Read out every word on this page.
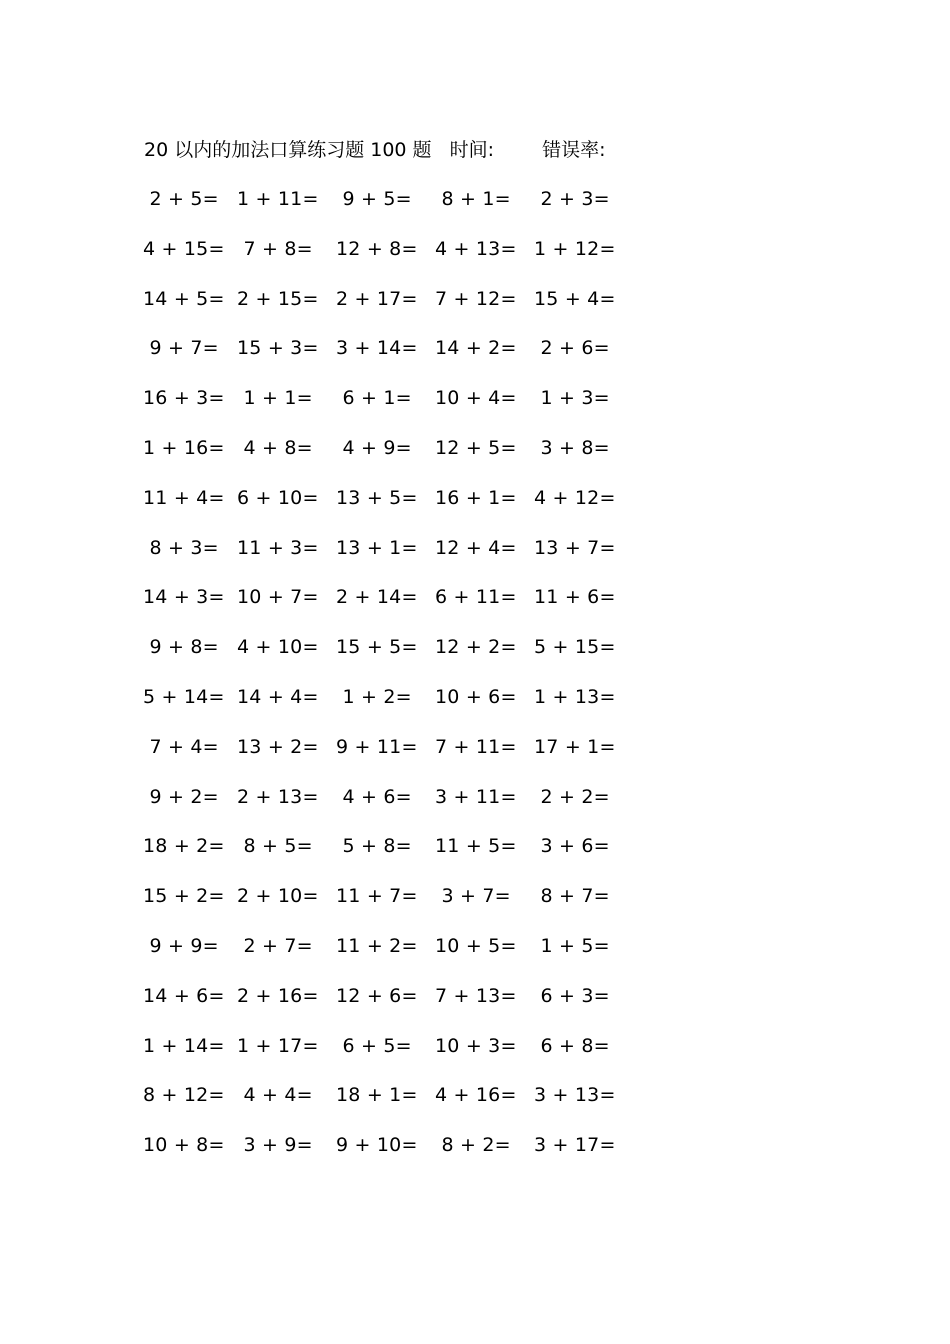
20 以内的加法口算练习题 100 题 时间:	错误率:
2 + 5= 1 + 11= 9 + 5= 8 + 1= 2 + 3=
4 + 15= 7 + 8= 12 + 8= 4 + 13= 1 + 12=
14 + 5= 2 + 15= 2 + 17= 7 + 12= 15 + 4=
9 + 7= 15 + 3= 3 + 14= 14 + 2= 2 + 6=
16 + 3= 1 + 1= 6 + 1= 10 + 4= 1 + 3=
1 + 16= 4 + 8= 4 + 9= 12 + 5= 3 + 8=
11 + 4= 6 + 10= 13 + 5= 16 + 1= 4 + 12=
8 + 3= 11 + 3= 13 + 1= 12 + 4= 13 + 7=
14 + 3= 10 + 7= 2 + 14= 6 + 11= 11 + 6=
9 + 8= 4 + 10= 15 + 5= 12 + 2= 5 + 15=
5 + 14= 14 + 4= 1 + 2= 10 + 6= 1 + 13=
7 + 4= 13 + 2= 9 + 11= 7 + 11= 17 + 1=
9 + 2= 2 + 13= 4 + 6= 3 + 11= 2 + 2=
18 + 2= 8 + 5= 5 + 8= 11 + 5= 3 + 6=
15 + 2= 2 + 10= 11 + 7= 3 + 7= 8 + 7=
9 + 9= 2 + 7= 11 + 2= 10 + 5= 1 + 5=
14 + 6= 2 + 16= 12 + 6= 7 + 13= 6 + 3=
1 + 14= 1 + 17= 6 + 5= 10 + 3= 6 + 8=
8 + 12= 4 + 4= 18 + 1= 4 + 16= 3 + 13=
10 + 8= 3 + 9= 9 + 10= 8 + 2= 3 + 17=
